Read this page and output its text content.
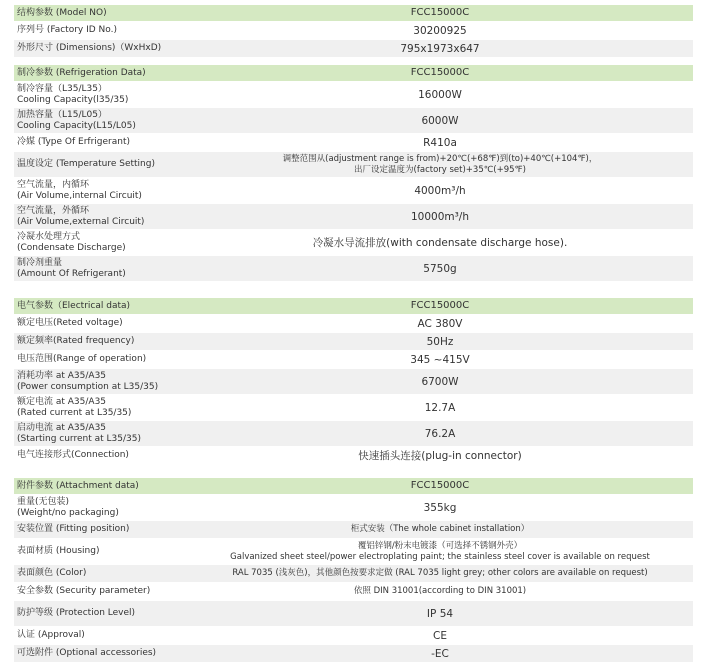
结构参数 (Model NO)	FCC15000C
序列号 (Factory ID No.)	30200925
外形尺寸 (Dimensions)（WxHxD)	795x1973x647
制冷参数 (Refrigeration Data)	FCC15000C
制冷容量（L35/L35）
Cooling Capacity(l35/35)	16000W
加热容量（L15/L05）
Cooling Capacity(L15/L05)	6000W
冷媒 (Type Of Erfrigerant)	R410a
温度设定 (Temperature Setting)
调整范围从(adjustment range is from)+20℃(+68℉)到(to)+40℃(+104℉)，
出厂设定温度为(factory set)+35℃(+95℉)
空气流量，内循环
(Air Volume,internal Circuit)	4000m³/h
空气流量，外循环
(Air Volume,external Circuit)	10000m³/h
冷凝水处理方式
(Condensate Discharge)	冷凝水导流排放(with condensate discharge hose).
制冷剂重量
(Amount Of Refrigerant)	5750g
电气参数（Electrical data)	FCC15000C
额定电压(Reted voltage)	AC 380V
额定频率(Rated frequency)	50Hz
电压范围(Range of operation)	345 ~415V
消耗功率 at A35/A35
(Power consumption at L35/35)	6700W
额定电流 at A35/A35
(Rated current at L35/35)	12.7A
启动电流 at A35/A35
(Starting current at L35/35)	76.2A
电气连接形式(Connection)	快速插头连接(plug-in connector)
附件参数 (Attachment data)	FCC15000C
重量(无包装)
(Weight/no packaging)	355kg
安装位置 (Fitting position)	柜式安装（The whole cabinet installation）
表面材质 (Housing)
覆铝锌钢/粉末电镀漆（可选择不锈钢外壳）
Galvanized sheet steel/power electroplating paint; the stainless steel cover is available on request
表面颜色 (Color)	RAL 7035 (浅灰色)，其他颜色按要求定做 (RAL 7035 light grey; other colors are available on request)
安全参数 (Security parameter)	依照 DIN 31001(according to DIN 31001)
防护等级 (Protection Level)	IP 54
认证 (Approval)	CE
可选附件 (Optional accessories)	-EC
